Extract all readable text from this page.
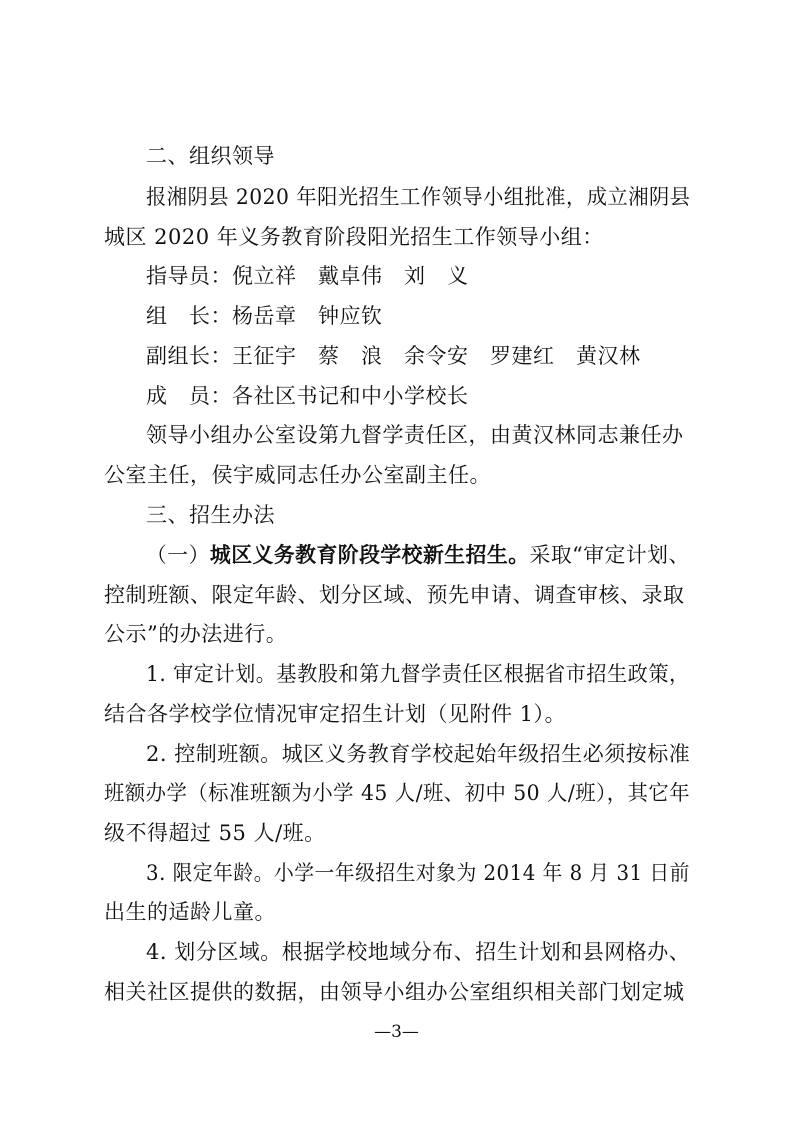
二、组织领导
报湘阴县 2020 年阳光招生工作领导小组批准，成立湘阴县
城区 2020 年义务教育阶段阳光招生工作领导小组：
指导员：倪立祥　戴卓伟　刘　义
组　长：杨岳章　钟应钦
副组长：王征宇　蔡　浪　余令安　罗建红　黄汉林
成　员：各社区书记和中小学校长
领导小组办公室设第九督学责任区，由黄汉林同志兼任办
公室主任，侯宇威同志任办公室副主任。
三、招生办法
（一）城区义务教育阶段学校新生招生。采取“审定计划、
控制班额、限定年龄、划分区域、预先申请、调查审核、录取
公示”的办法进行。
1. 审定计划。基教股和第九督学责任区根据省市招生政策，
结合各学校学位情况审定招生计划（见附件 1）。
2. 控制班额。城区义务教育学校起始年级招生必须按标准
班额办学（标准班额为小学 45 人/班、初中 50 人/班），其它年
级不得超过 55 人/班。
3. 限定年龄。小学一年级招生对象为 2014 年 8 月 31 日前
出生的适龄儿童。
4. 划分区域。根据学校地域分布、招生计划和县网格办、
相关社区提供的数据，由领导小组办公室组织相关部门划定城
—3—
